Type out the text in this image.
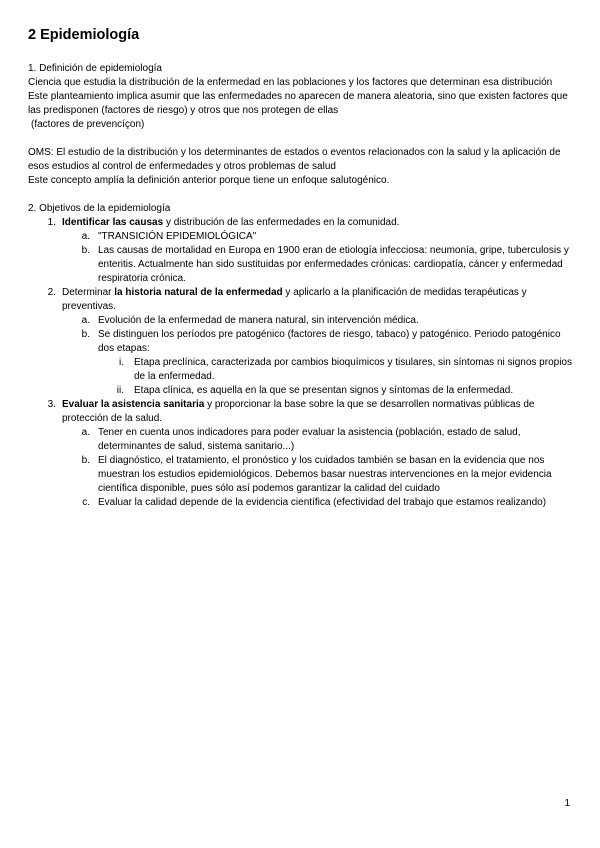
2 Epidemiología

1. Definición de epidemiología

Ciencia que estudia la distribución de la enfermedad en las poblaciones y los factores que determinan esa distribución

Este planteamiento implica asumir que las enfermedades no aparecen de manera aleatoria, sino que existen factores que las predisponen (factores de riesgo) y otros que nos protegen de ellas

(factores de prevencíçon)

OMS: El estudio de la distribución y los determinantes de estados o eventos relacionados con la salud y la aplicación de esos estudios al control de enfermedades y otros problemas de salud

Este concepto amplía la definición anterior porque tiene un enfoque salutogénico.

2. Objetivos de la epidemiología

1. Identificar las causas y distribución de las enfermedades en la comunidad.
a. "TRANSICIÓN EPIDEMIOLÓGICA"
b. Las causas de mortalidad en Europa en 1900 eran de etiología infecciosa: neumonía, gripe, tuberculosis y enteritis. Actualmente han sido sustituidas por enfermedades crónicas: cardiopatía, cáncer y enfermedad respiratoria crónica.
2. Determinar la historia natural de la enfermedad y aplicarlo a la planificación de medidas terapéuticas y preventivas.
a. Evolución de la enfermedad de manera natural, sin intervención médica.
b. Se distinguen los períodos pre patogénico (factores de riesgo, tabaco) y patogénico. Periodo patogénico dos etapas:
i. Etapa preclínica, caracterizada por cambios bioquímicos y tisulares, sin síntomas ni signos propios de la enfermedad.
ii. Etapa clínica, es aquella en la que se presentan signos y síntomas de la enfermedad.
3. Evaluar la asistencia sanitaria y proporcionar la base sobre la que se desarrollen normativas públicas de protección de la salud.
a. Tener en cuenta unos indicadores para poder evaluar la asistencia (población, estado de salud, determinantes de salud, sistema sanitario...)
b. El diagnóstico, el tratamiento, el pronóstico y los cuidados también se basan en la evidencia que nos muestran los estudios epidemiológicos. Debemos basar nuestras intervenciones en la mejor evidencia científica disponible, pues sólo así podemos garantizar la calidad del cuidado
c. Evaluar la calidad depende de la evidencia científica (efectividad del trabajo que estamos realizando)
1
